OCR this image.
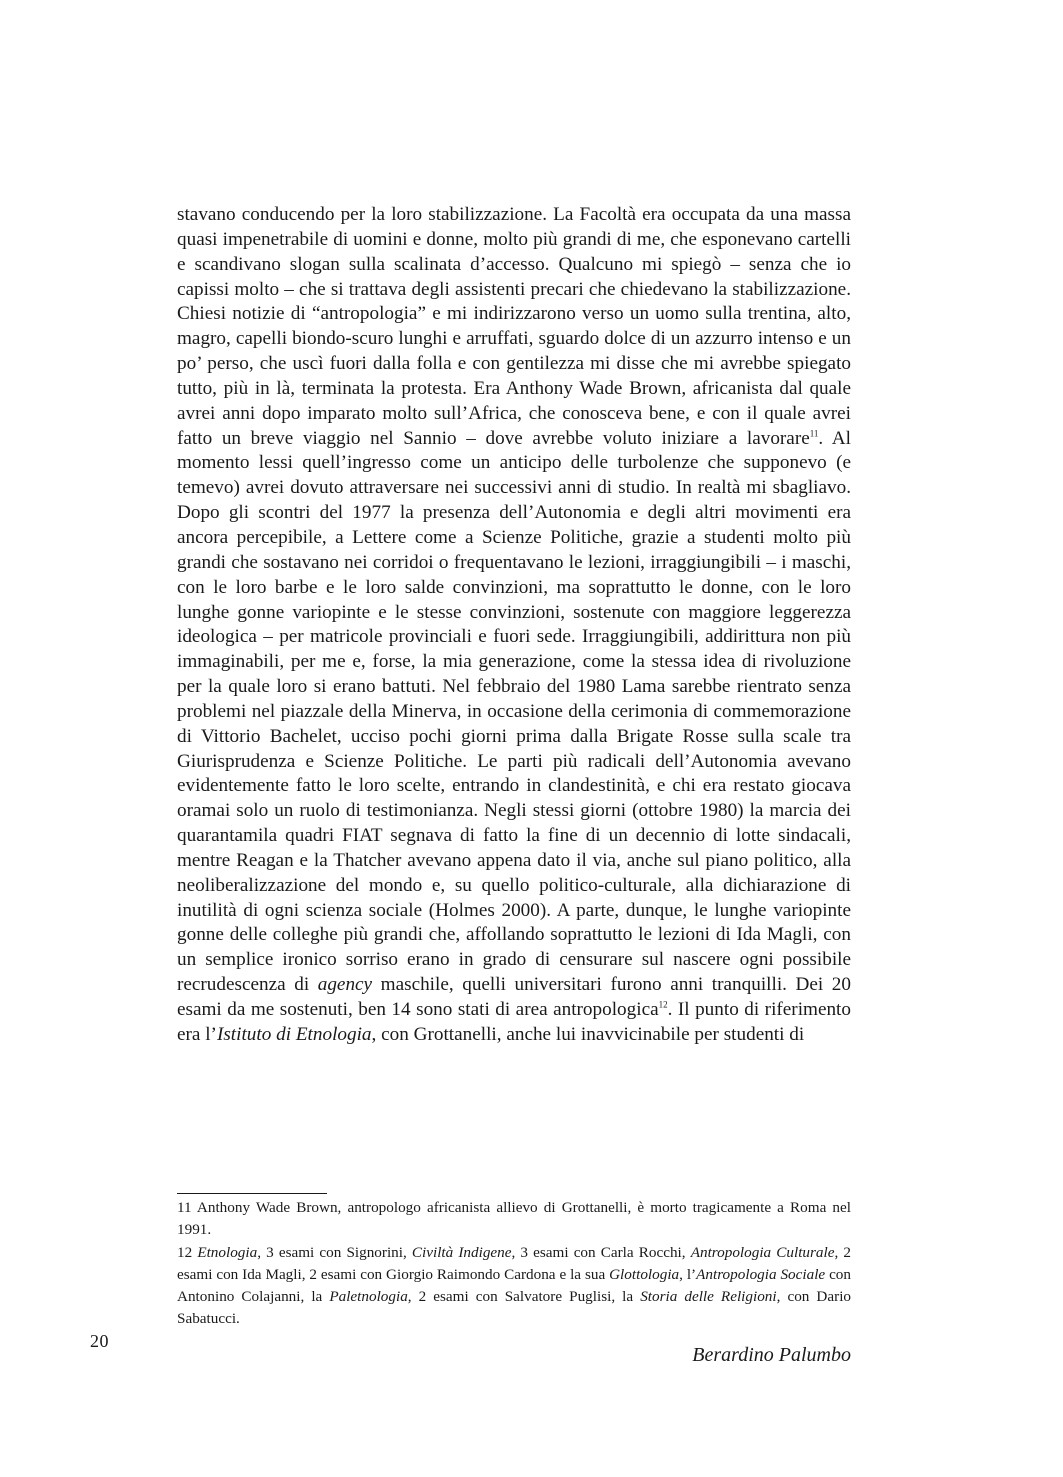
stavano conducendo per la loro stabilizzazione. La Facoltà era occupata da una massa quasi impenetrabile di uomini e donne, molto più grandi di me, che esponevano cartelli e scandivano slogan sulla scalinata d’accesso. Qualcuno mi spiegò – senza che io capissi molto – che si trattava degli assistenti precari che chiedevano la stabilizzazione. Chiesi notizie di “antropologia” e mi indirizzarono verso un uomo sulla trentina, alto, magro, capelli biondo-scuro lunghi e arruffati, sguardo dolce di un azzurro intenso e un po’ perso, che uscì fuori dalla folla e con gentilezza mi disse che mi avrebbe spiegato tutto, più in là, terminata la protesta. Era Anthony Wade Brown, africanista dal quale avrei anni dopo imparato molto sull’Africa, che conosceva bene, e con il quale avrei fatto un breve viaggio nel Sannio – dove avrebbe voluto iniziare a lavorare$^{11}$. Al momento lessi quell’ingresso come un anticipo delle turbolenze che supponevo (e temevo) avrei dovuto attraversare nei successivi anni di studio. In realtà mi sbagliavo. Dopo gli scontri del 1977 la presenza dell’Autonomia e degli altri movimenti era ancora percepibile, a Lettere come a Scienze Politiche, grazie a studenti molto più grandi che sostavano nei corridoi o frequentavano le lezioni, irraggiungibili – i maschi, con le loro barbe e le loro salde convinzioni, ma soprattutto le donne, con le loro lunghe gonne variopinte e le stesse convinzioni, sostenute con maggiore leggerezza ideologica – per matricole provinciali e fuori sede. Irraggiungibili, addirittura non più immaginabili, per me e, forse, la mia generazione, come la stessa idea di rivoluzione per la quale loro si erano battuti. Nel febbraio del 1980 Lama sarebbe rientrato senza problemi nel piazzale della Minerva, in occasione della cerimonia di commemorazione di Vittorio Bachelet, ucciso pochi giorni prima dalla Brigate Rosse sulla scale tra Giurisprudenza e Scienze Politiche. Le parti più radicali dell’Autonomia avevano evidentemente fatto le loro scelte, entrando in clandestinità, e chi era restato giocava oramai solo un ruolo di testimonianza. Negli stessi giorni (ottobre 1980) la marcia dei quarantamila quadri FIAT segnava di fatto la fine di un decennio di lotte sindacali, mentre Reagan e la Thatcher avevano appena dato il via, anche sul piano politico, alla neoliberalizzazione del mondo e, su quello politico-culturale, alla dichiarazione di inutilità di ogni scienza sociale (Holmes 2000). A parte, dunque, le lunghe variopinte gonne delle colleghe più grandi che, affollando soprattutto le lezioni di Ida Magli, con un semplice ironico sorriso erano in grado di censurare sul nascere ogni possibile recrudescenza di agency maschile, quelli universitari furono anni tranquilli. Dei 20 esami da me sostenuti, ben 14 sono stati di area antropologica$^{12}$. Il punto di riferimento era l’Istituto di Etnologia, con Grottanelli, anche lui inavvicinabile per studenti di

11 Anthony Wade Brown, antropologo africanista allievo di Grottanelli, è morto tragicamente a Roma nel 1991.

12 Etnologia, 3 esami con Signorini, Civiltà Indigene, 3 esami con Carla Rocchi, Antropologia Culturale, 2 esami con Ida Magli, 2 esami con Giorgio Raimondo Cardona e la sua Glottologia, l’Antropologia Sociale con Antonino Colajanni, la Paletnologia, 2 esami con Salvatore Puglisi, la Storia delle Religioni, con Dario Sabatucci.

20
Berardino Palumbo
